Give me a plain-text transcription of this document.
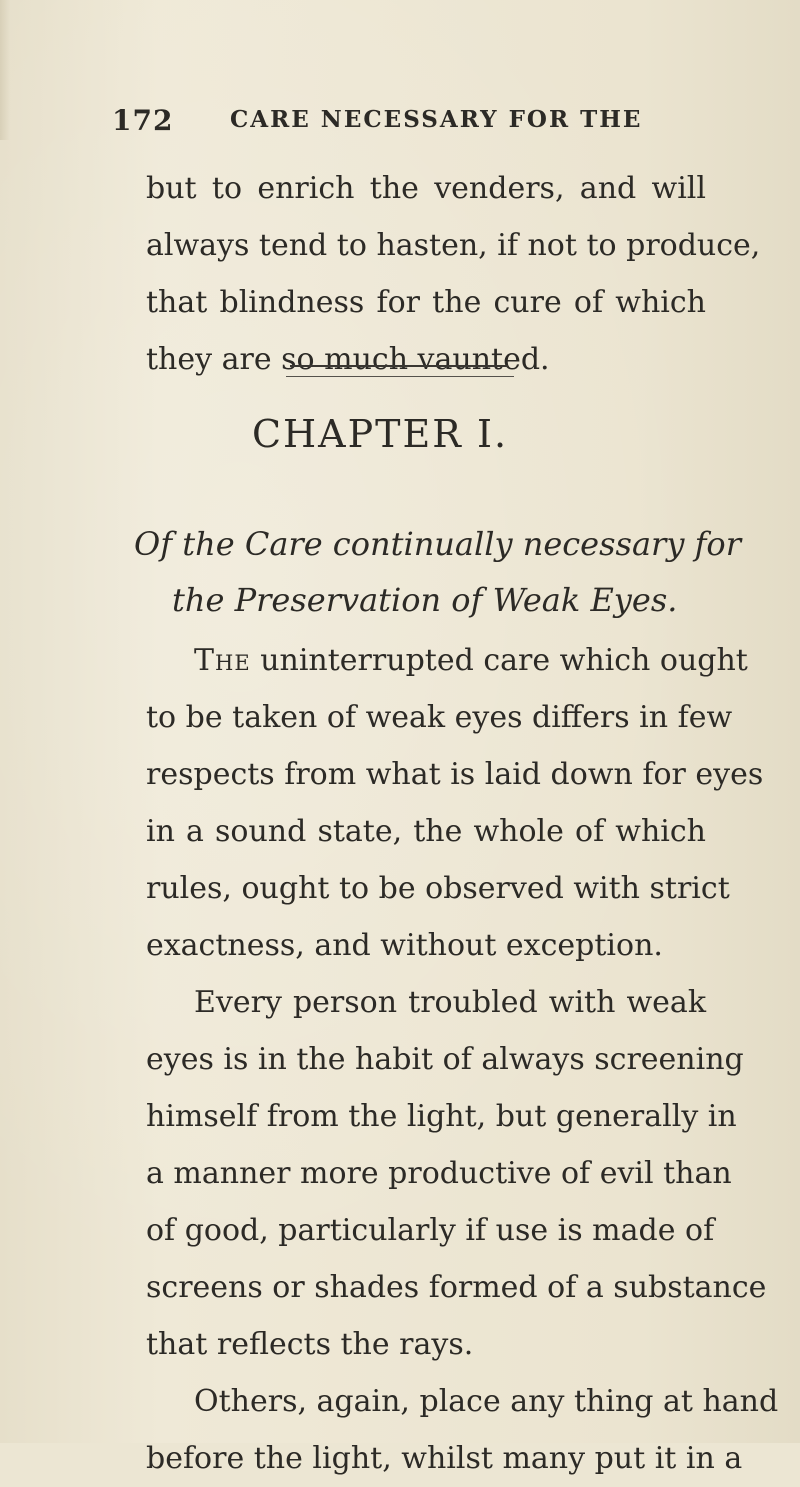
172 CARE NECESSARY FOR THE
but to enrich the venders, and will
always tend to hasten, if not to produce,
that blindness for the cure of which
they are so much vaunted.
CHAPTER I.
Of the Care continually necessary for
the Preservation of Weak Eyes.
The uninterrupted care which ought
to be taken of weak eyes differs in few
respects from what is laid down for eyes
in a sound state, the whole of which
rules, ought to be observed with strict
exactness, and without exception.
Every person troubled with weak
eyes is in the habit of always screening
himself from the light, but generally in
a manner more productive of evil than
of good, particularly if use is made of
screens or shades formed of a substance
that reflects the rays.
Others, again, place any thing at hand
before the light, whilst many put it in a
